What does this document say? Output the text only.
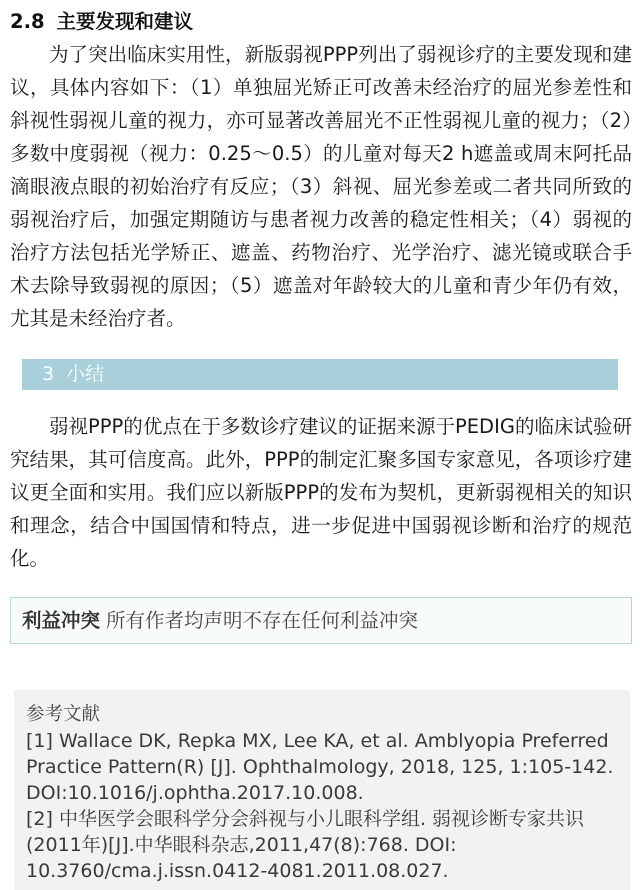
2.8 主要发现和建议

为了突出临床实用性，新版弱视PPP列出了弱视诊疗的主要发现和建议，具体内容如下：（1）单独屈光矫正可改善未经治疗的屈光参差性和斜视性弱视儿童的视力，亦可显著改善屈光不正性弱视儿童的视力；（2）多数中度弱视（视力：0.25～0.5）的儿童对每天2 h遮盖或周末阿托品滴眼液点眼的初始治疗有反应；（3）斜视、屈光参差或二者共同所致的弱视治疗后，加强定期随访与患者视力改善的稳定性相关；（4）弱视的治疗方法包括光学矫正、遮盖、药物治疗、光学治疗、滤光镜或联合手术去除导致弱视的原因；（5）遮盖对年龄较大的儿童和青少年仍有效，尤其是未经治疗者。

3 小结

弱视PPP的优点在于多数诊疗建议的证据来源于PEDIG的临床试验研究结果，其可信度高。此外，PPP的制定汇聚多国专家意见，各项诊疗建议更全面和实用。我们应以新版PPP的发布为契机，更新弱视相关的知识和理念，结合中国国情和特点，进一步促进中国弱视诊断和治疗的规范化。

利益冲突 所有作者均声明不存在任何利益冲突
参考文献

[1] Wallace DK, Repka MX, Lee KA, et al. Amblyopia Preferred Practice Pattern(R) [J]. Ophthalmology, 2018, 125, 1:105-142. DOI:10.1016/j.ophtha.2017.10.008.

[2] 中华医学会眼科学分会斜视与小儿眼科学组. 弱视诊断专家共识(2011年)[J].中华眼科杂志,2011,47(8):768. DOI: 10.3760/cma.j.issn.0412-4081.2011.08.027.
